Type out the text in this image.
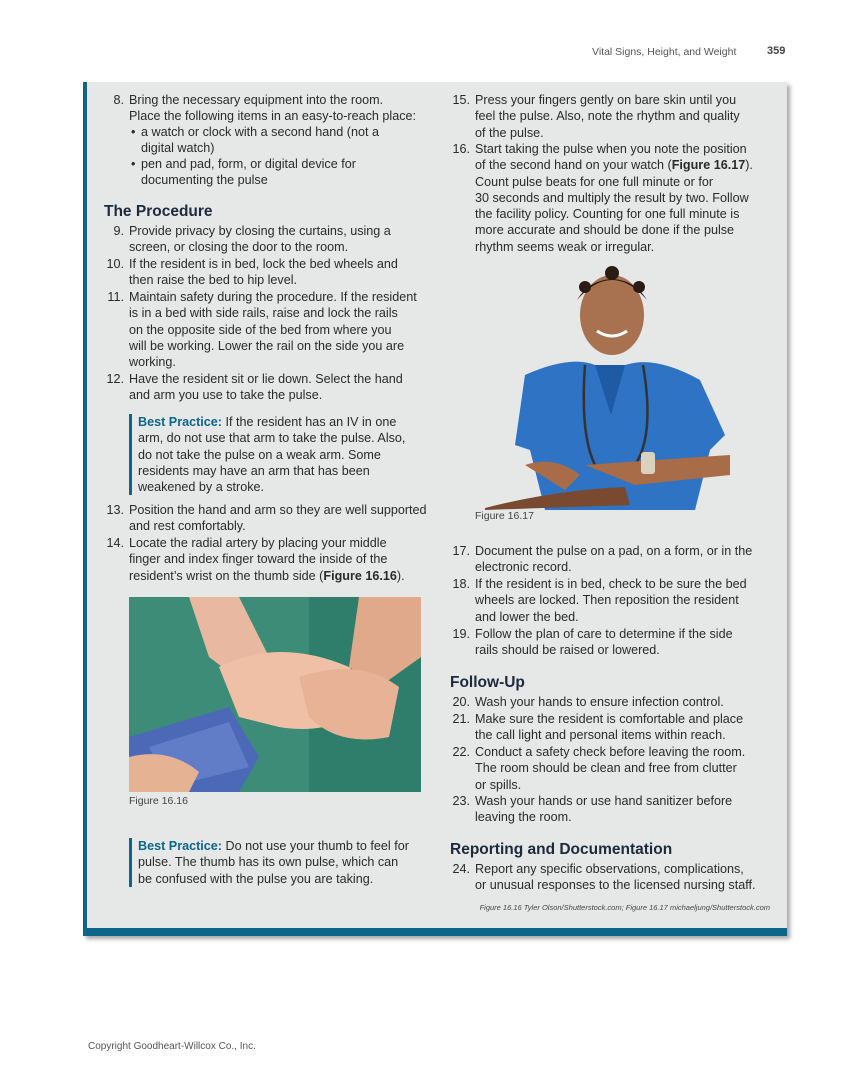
Vital Signs, Height, and Weight	359
8. Bring the necessary equipment into the room.
Place the following items in an easy-to-reach place:
• a watch or clock with a second hand (not a
digital watch)
• pen and pad, form, or digital device for
documenting the pulse
The Procedure
9. Provide privacy by closing the curtains, using a
screen, or closing the door to the room.
10. If the resident is in bed, lock the bed wheels and
then raise the bed to hip level.
11. Maintain safety during the procedure. If the resident
is in a bed with side rails, raise and lock the rails
on the opposite side of the bed from where you
will be working. Lower the rail on the side you are
working.
12. Have the resident sit or lie down. Select the hand
and arm you use to take the pulse.
Best Practice: If the resident has an IV in one
arm, do not use that arm to take the pulse. Also,
do not take the pulse on a weak arm. Some
residents may have an arm that has been
weakened by a stroke.
13. Position the hand and arm so they are well supported
and rest comfortably.
14. Locate the radial artery by placing your middle
finger and index finger toward the inside of the
resident’s wrist on the thumb side (Figure 16.16).
Figure 16.16
Best Practice: Do not use your thumb to feel for
pulse. The thumb has its own pulse, which can
be confused with the pulse you are taking.
15. Press your fingers gently on bare skin until you
feel the pulse. Also, note the rhythm and quality
of the pulse.
16. Start taking the pulse when you note the position
of the second hand on your watch (Figure 16.17).
Count pulse beats for one full minute or for
30 seconds and multiply the result by two. Follow
the facility policy. Counting for one full minute is
more accurate and should be done if the pulse
rhythm seems weak or irregular.
Figure 16.17
17. Document the pulse on a pad, on a form, or in the
electronic record.
18. If the resident is in bed, check to be sure the bed
wheels are locked. Then reposition the resident
and lower the bed.
19. Follow the plan of care to determine if the side
rails should be raised or lowered.
Follow-Up
20. Wash your hands to ensure infection control.
21. Make sure the resident is comfortable and place
the call light and personal items within reach.
22. Conduct a safety check before leaving the room.
The room should be clean and free from clutter
or spills.
23. Wash your hands or use hand sanitizer before
leaving the room.
Reporting and Documentation
24. Report any specific observations, complications,
or unusual responses to the licensed nursing staff.
Figure 16.16 Tyler Olson/Shutterstock.com; Figure 16.17 michaeljung/Shutterstock.com
Copyright Goodheart-Willcox Co., Inc.
